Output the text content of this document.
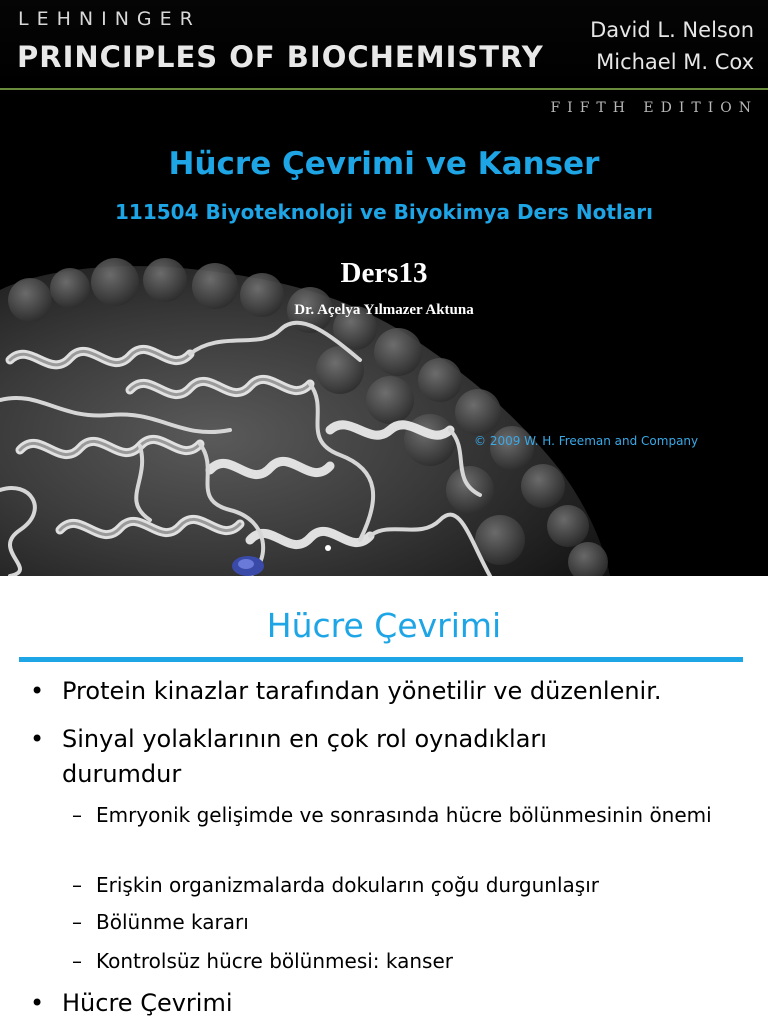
LEHNINGER
PRINCIPLES OF BIOCHEMISTRY
David L. Nelson
Michael M. Cox
FIFTH EDITION
Hücre Çevrimi ve Kanser
111504 Biyoteknoloji ve Biyokimya Ders Notları
Ders13
Dr. Açelya Yılmazer Aktuna
© 2009 W. H. Freeman and Company
Hücre Çevrimi
• Protein kinazlar tarafından yönetilir ve düzenlenir.
• Sinyal yolaklarının en çok rol oynadıkları durumdur
– Emryonik gelişimde ve sonrasında hücre bölünmesinin önemi
– Erişkin organizmalarda dokuların çoğu durgunlaşır
– Bölünme kararı
– Kontrolsüz hücre bölünmesi: kanser
• Hücre Çevrimi
